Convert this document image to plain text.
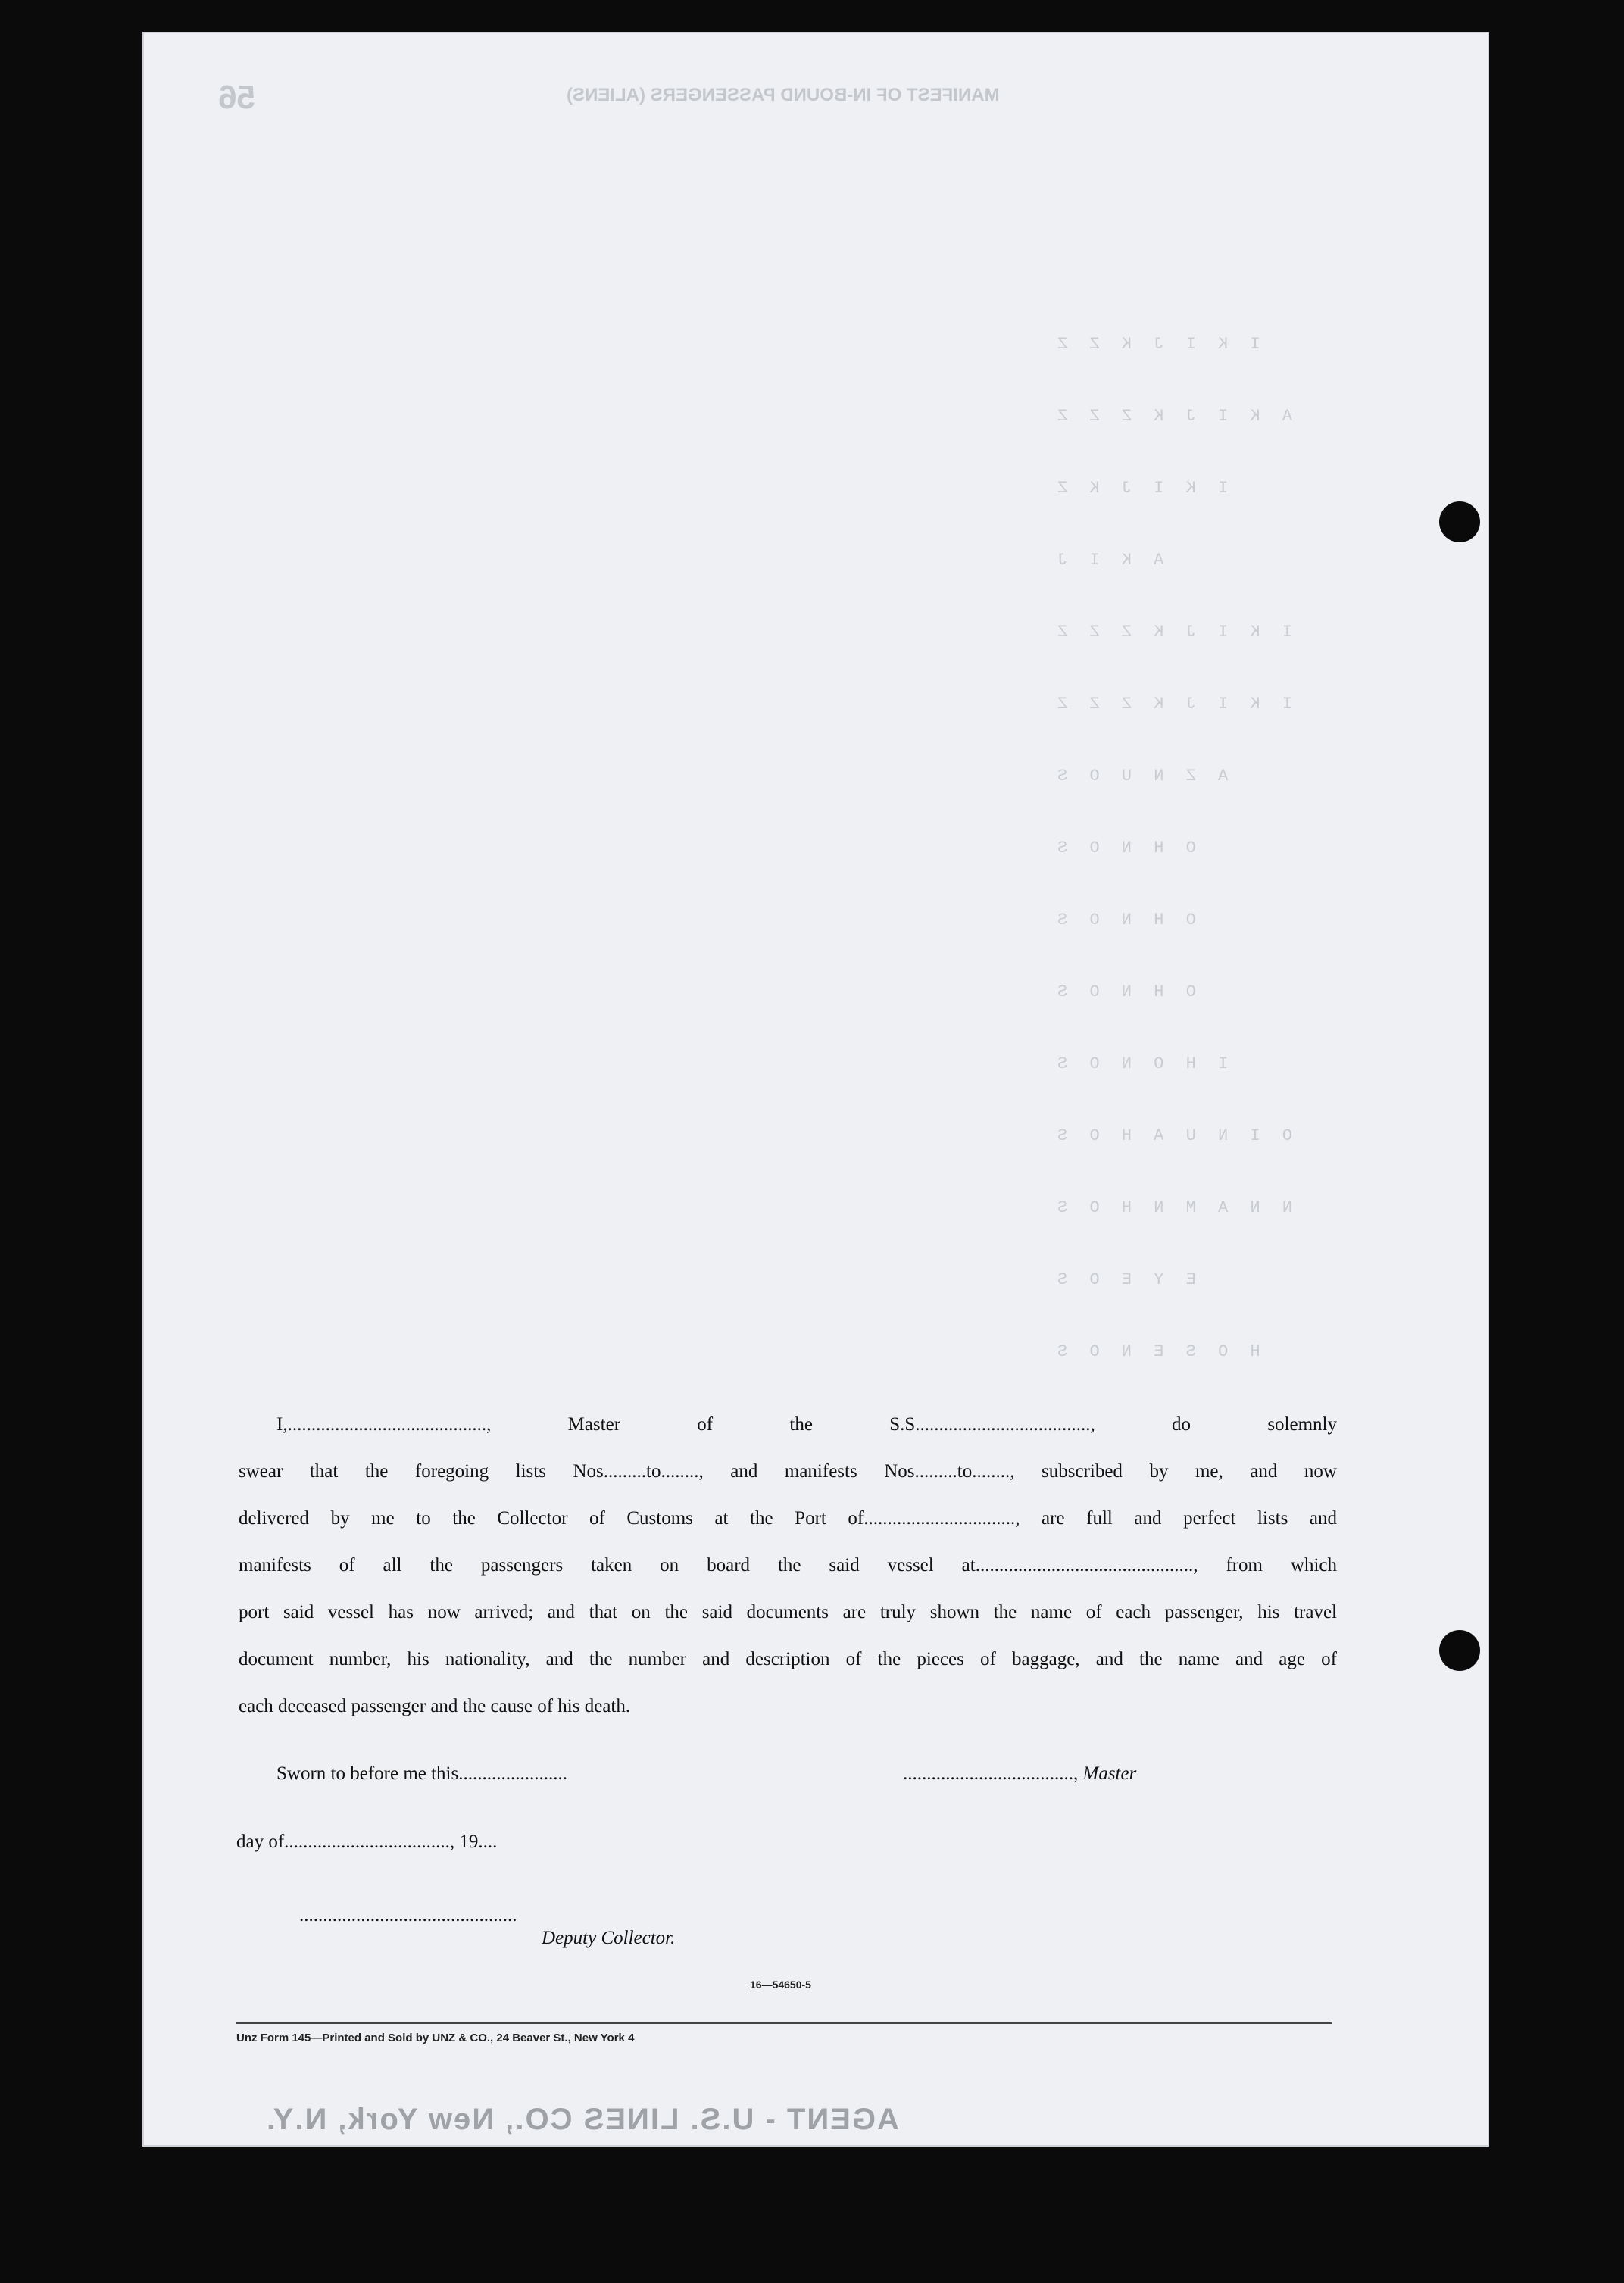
MANIFEST OF IN-BOUND PASSENGERS (ALIENS)
56
I K I J K Z Z
A K I J K Z Z Z
I K I J K Z
A K I J
I K I J K Z Z Z
I K I J K Z Z Z
A Z N U O S
O H N O S
O H N O S
O H N O S
I H O N O S
O I N U A H O S
N N A M N H O S
E Y E O S
H O S E N O S

I,.........................................., Master of the S.S....................................., do solemnly

swear that the foregoing lists Nos.........to........, and manifests Nos.........to........, subscribed by me, and now

delivered by me to the Collector of Customs at the Port of................................, are full and perfect lists and

manifests of all the passengers taken on board the said vessel at.............................................., from which

port said vessel has now arrived; and that on the said documents are truly shown the name of each passenger, his travel

document number, his nationality, and the number and description of the pieces of baggage, and the name and age of

each deceased passenger and the cause of his death.

Sworn to before me this.......................	...................................., Master
day of..................................., 19....
..............................................
Deputy Collector.
16—54650-5
Unz Form 145—Printed and Sold by UNZ & CO., 24 Beaver St., New York 4
AGENT - U.S. LINES CO., New York, N.Y.
